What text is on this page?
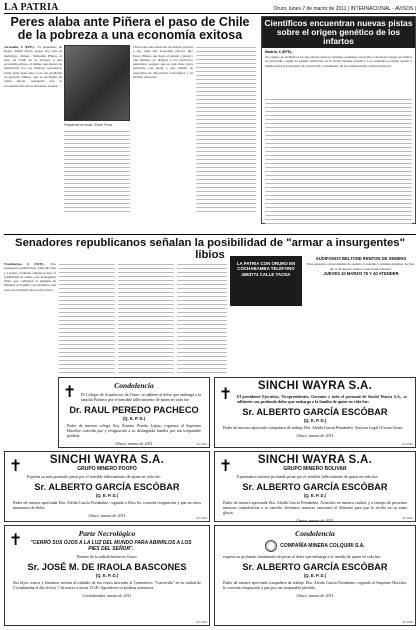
LA PATRIA	Oruro, lunes 7 de marzo de 2011 | INTERNACIONAL - AVISOS |
Peres alaba ante Piñera el paso de Chile de la pobreza a una economía exitosa
Jerusalén, 6 (EFE).- El presidente de Israel, Simón Peres, elogió hoy ante su homólogo chileno, Sebastián Piñera, el paso de Chile de la pobreza a una economía exitosa, al tiempo que mostró su admiración por los mineros rescatados. Chile tenía hasta hace poco un problema de pobreza. Piñera, que se encuentra en visita oficial, respondió que la reconstrucción tras el terremoto avanza.
Presidente de Israel, Simón Peres
Chile tenía una situación de mucha pobreza y hoy tiene una economía exitosa, dijo Peres. Piñera, que llegó el sábado a Israel y que mañana se dirigirá a los territorios palestinos, aseguró que su país tiene lazos estrechos con Israel y que admira su capacidad de innovación tecnológica y su modelo educativo.
Científicos encuentran nuevas pistas sobre el origen genético de los infartos
Madrid, 6 (EFE).-
Un equipo de científicos ha encontrado nuevas variantes genéticas asociadas a un mayor riesgo de infarto de miocardio, según un estudio publicado en la revista Nature Genetics. Los resultados podrían ayudar a diseñar nuevas estrategias de prevención y tratamiento de las enfermedades cardiovasculares.
Senadores republicanos señalan la posibilidad de "armar a insurgentes" libios
Washington, 6 (EFE).- Dos senadores republicanos, John McCain y Lindsey Graham, señalaron hoy la posibilidad de armar a los insurgentes libios que combaten al régimen de Muamar el Gadafi y de establecer una zona de exclusión aérea sobre Libia.
LA PATRIA CON ORURO EN COCHABAMBA TELÉFONO 4583774 CALLE TACNA
AUDÍFONOS BELTONE RENTON DE SEMENS
Para personas con problemas de sordera. Consultas y pruebas gratuitas. La Paz, Av. 6 de Agosto. Oruro: Calle Soria Galvarro.
JUEVES 10 MARZO 75 Y 40 ATENDER
✝	Condolencia
El Colegio de Arquitectos de Oruro, se adhiere al dolor que embarga a la familia Pacheco por el sensible fallecimiento de quien en vida fue:
Dr. RAUL PEREDO PACHECO
(Q. E. P. D.)
Padre de nuestro colega Arq. Ramiro Peredo López, rogamos al Supremo Hacedor conceda paz y resignación a su distinguida familia por tan irreparable pérdida.
Oruro, marzo de 2011	AP-1862
✝	SINCHI WAYRA S.A.
El presidente Ejecutivo, Vicepresidentes, Gerentes y todo el personal de Sinchi Wayra S.A., se adhieren con profundo dolor que embarga a la familia de quien en vida fue:
Sr. ALBERTO GARCÍA ESCÓBAR
(Q. E. P. D.)
Padre de nuestra apreciada compañera de trabajo Dra. Aleida García Fernández, Asesora Legal Oficina Oruro.
Oruro, marzo de 2011
AP-1861
✝	SINCHI WAYRA S.A.
GRUPO MINERO POOPÓ
Expresa su más profundo pesar por el sensible fallecimiento de quien en vida fue:
Sr. ALBERTO GARCÍA ESCÓBAR
(Q. E. P. D.)
Padre de nuestra apreciada Dra. Aleida García Fernández, rogando a Dios les conceda resignación y paz en estos momentos de dolor.
Oruro, marzo de 2011	AP-1863
✝	SINCHI WAYRA S.A.
GRUPO MINERO BOLIVAR
Expresamos nuestro profundo pesar por el sensible fallecimiento de quien en vida fue:
Sr. ALBERTO GARCÍA ESCÓBAR
(Q. E. P. D.)
Padre de nuestra apreciada Dra. Aleida García Fernández. Acaecido en nuestra ciudad, y a tiempo de presentar nuestras condolencias a su familia, elevamos nuestras oraciones al Altísimo para que lo reciba en su santa gloria.
Oruro, marzo de 2011	AP-1860
✝	Parte Necrológico
"CERRÓ SUS OJOS A LA LUZ DEL MUNDO PARA ABRIRLOS A LOS PIES DEL SEÑOR".
Pioneer de la radiodifusión en Oruro:
Sr. JOSÉ M. DE IRAOLA BASCONES
(Q. E. P. D.)
Sus hijos, nietos y bisnietos invitan al traslado de sus restos mortales al Cementerio "Concordia" en la ciudad de Cochabamba el día de hoy 7 de marzo a horas 15.00. Agradecen su piadosa asistencia.
Cochabamba, marzo de 2011
AP-1864
Condolencia
COMPAÑÍA MINERA COLQUIRI S.A.
expresa su profundo sentimiento de pesar al dolor que embarga a la familia de quien en vida fue:
Sr. ALBERTO GARCÍA ESCÓBAR
(Q. E. P. D.)
Padre de nuestra apreciada compañera de trabajo Dra. Aleida García Fernández, rogando al Supremo Hacedor, le conceda resignación y paz por tan irreparable pérdida.
Oruro, marzo de 2011
AP-1865
